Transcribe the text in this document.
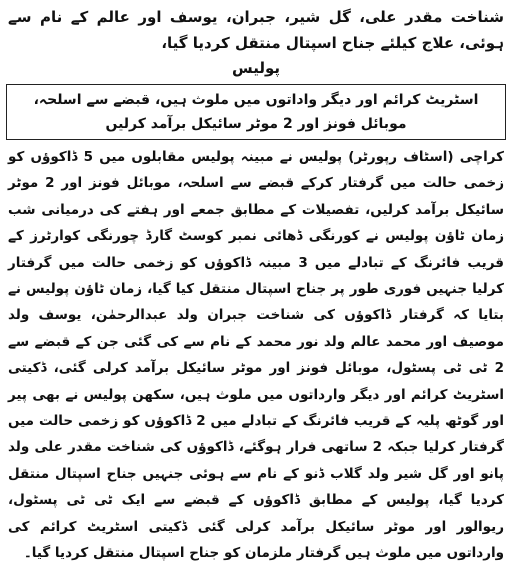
شناخت مقدر علی، گل شیر، جبران، یوسف اور عالم کے نام سے ہوئی، علاج کیلئے جناح اسپتال منتقل کردیا گیا،

پولیس

اسٹریٹ کرائم اور دیگر واداتوں میں ملوث ہیں، قبضے سے اسلحہ، موبائل فونز اور 2 موٹر سائیکل برآمد کرلیں

کراچی (اسٹاف رپورٹر) پولیس نے مبینہ پولیس مقابلوں میں 5 ڈاکوؤں کو زخمی حالت میں گرفتار کرکے قبضے سے اسلحہ، موبائل فونز اور 2 موٹر سائیکل برآمد کرلیں، تفصیلات کے مطابق جمعے اور ہفتے کی درمیانی شب زمان ٹاؤن پولیس نے کورنگی ڈھائی نمبر کوسٹ گارڈ چورنگی کوارٹرز کے قریب فائرنگ کے تبادلے میں 3 مبینہ ڈاکوؤں کو زخمی حالت میں گرفتار کرلیا جنہیں فوری طور پر جناح اسپتال منتقل کیا گیا، زمان ٹاؤن پولیس نے بتایا کہ گرفتار ڈاکوؤں کی شناخت جبران ولد عبدالرحمٰن، یوسف ولد موصیف اور محمد عالم ولد نور محمد کے نام سے کی گئی جن کے قبضے سے 2 ٹی ٹی پسٹول، موبائل فونز اور موٹر سائیکل برآمد کرلی گئی، ڈکیتی اسٹریٹ کرائم اور دیگر وارداتوں میں ملوث ہیں، سکھن پولیس نے بھی پیر اور گوٹھ پلیہ کے قریب فائرنگ کے تبادلے میں 2 ڈاکوؤں کو زخمی حالت میں گرفتار کرلیا جبکہ 2 ساتھی فرار ہوگئے، ڈاکوؤں کی شناخت مقدر علی ولد پانو اور گل شیر ولد گلاب ڈنو کے نام سے ہوئی جنہیں جناح اسپتال منتقل کردیا گیا، پولیس کے مطابق ڈاکوؤں کے قبضے سے ایک ٹی ٹی پسٹول، ریوالور اور موٹر سائیکل برآمد کرلی گئی ڈکیتی اسٹریٹ کرائم کی وارداتوں میں ملوث ہیں گرفتار ملزمان کو جناح اسپتال منتقل کردیا گیا۔
